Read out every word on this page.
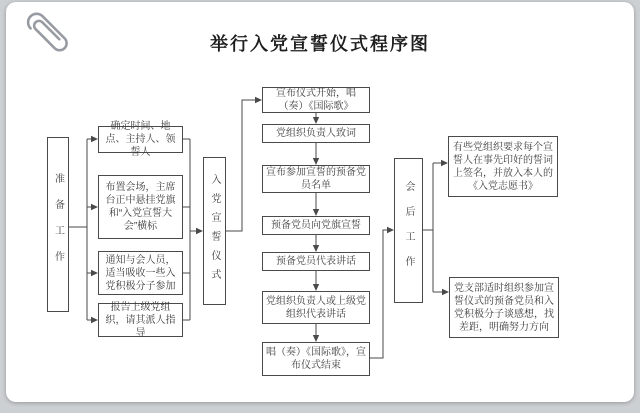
举行入党宣誓仪式程序图
准备工作
确定时间、地点、主持人、领誓人
布置会场，主席台正中悬挂党旗和“入党宣誓大会”横标
通知与会人员，适当吸收一些入党积极分子参加
报告上级党组织，请其派人指导
入党宣誓仪式
宣布仪式开始，唱（奏）《国际歌》
党组织负责人致词
宣布参加宣誓的预备党员名单
预备党员向党旗宣誓
预备党员代表讲话
党组织负责人或上级党组织代表讲话
唱（奏）《国际歌》，宣布仪式结束
会后工作
有些党组织要求每个宣誓人在事先印好的誓词上签名，并放入本人的《入党志愿书》
党支部适时组织参加宣誓仪式的预备党员和入党积极分子谈感想，找差距，明确努力方向
